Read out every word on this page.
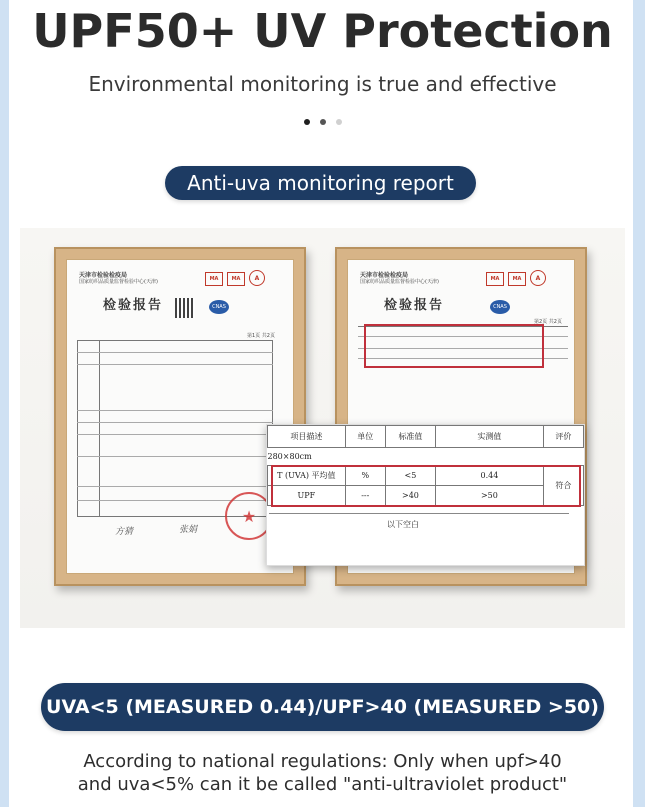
UPF50+ UV Protection
Environmental monitoring is true and effective
Anti-uva monitoring report
天津市检验检疫局
国家纺织品质量监督检验中心(天津)	MA	MA	A
检验报告	CNAS
第1页 共2页
★
方猜	张娟
天津市检验检疫局
国家纺织品质量监督检验中心(天津)	MA	MA	A
检验报告	CNAS
第2页 共2页
项目描述	单位	标准值	实测值	评价
280×80cm				
T (UVA) 平均值	%	<5	0.44	符合
UPF	---	>40	>50	
以下空白
UVA<5 (MEASURED 0.44)/UPF>40 (MEASURED >50)
According to national regulations: Only when upf>40
and uva<5% can it be called "anti-ultraviolet product"
